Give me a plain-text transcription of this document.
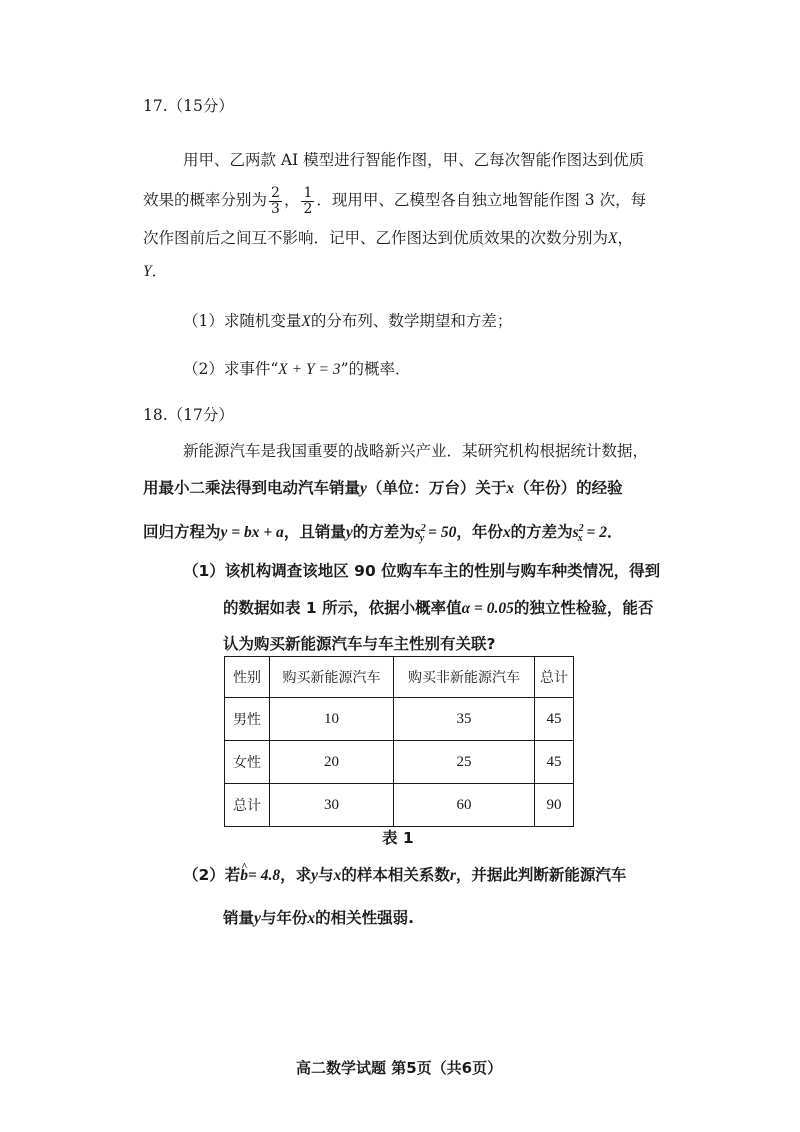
17.（15分）
用甲、乙两款 AI 模型进行智能作图，甲、乙每次智能作图达到优质
效果的概率分别为 $\frac{2}{3}$ ， $\frac{1}{2}$ ．现用甲、乙模型各自独立地智能作图 3 次，每
次作图前后之间互不影响．记甲、乙作图达到优质效果的次数分别为X，
Y．
（1）求随机变量X的分布列、数学期望和方差；
（2）求事件“X + Y = 3”的概率．
18.（17分）
新能源汽车是我国重要的战略新兴产业．某研究机构根据统计数据，
用最小二乘法得到电动汽车销量y（单位：万台）关于x（年份）的经验
回归方程为y = bx + a，且销量y的方差为$s^2_y = 50$，年份x的方差为$s^2_x = 2$．
（1）该机构调查该地区 90 位购车车主的性别与购车种类情况，得到
的数据如表 1 所示，依据小概率值α = 0.05的独立性检验，能否
认为购买新能源汽车与车主性别有关联?
性别	购买新能源汽车	购买非新能源汽车	总计
男性	10	35	45
女性	20	25	45
总计	30	60	90
表 1
（2）若^ b= 4.8，求y与x的样本相关系数r，并据此判断新能源汽车
销量y与年份x的相关性强弱.
高二数学试题 第5页（共6页）
